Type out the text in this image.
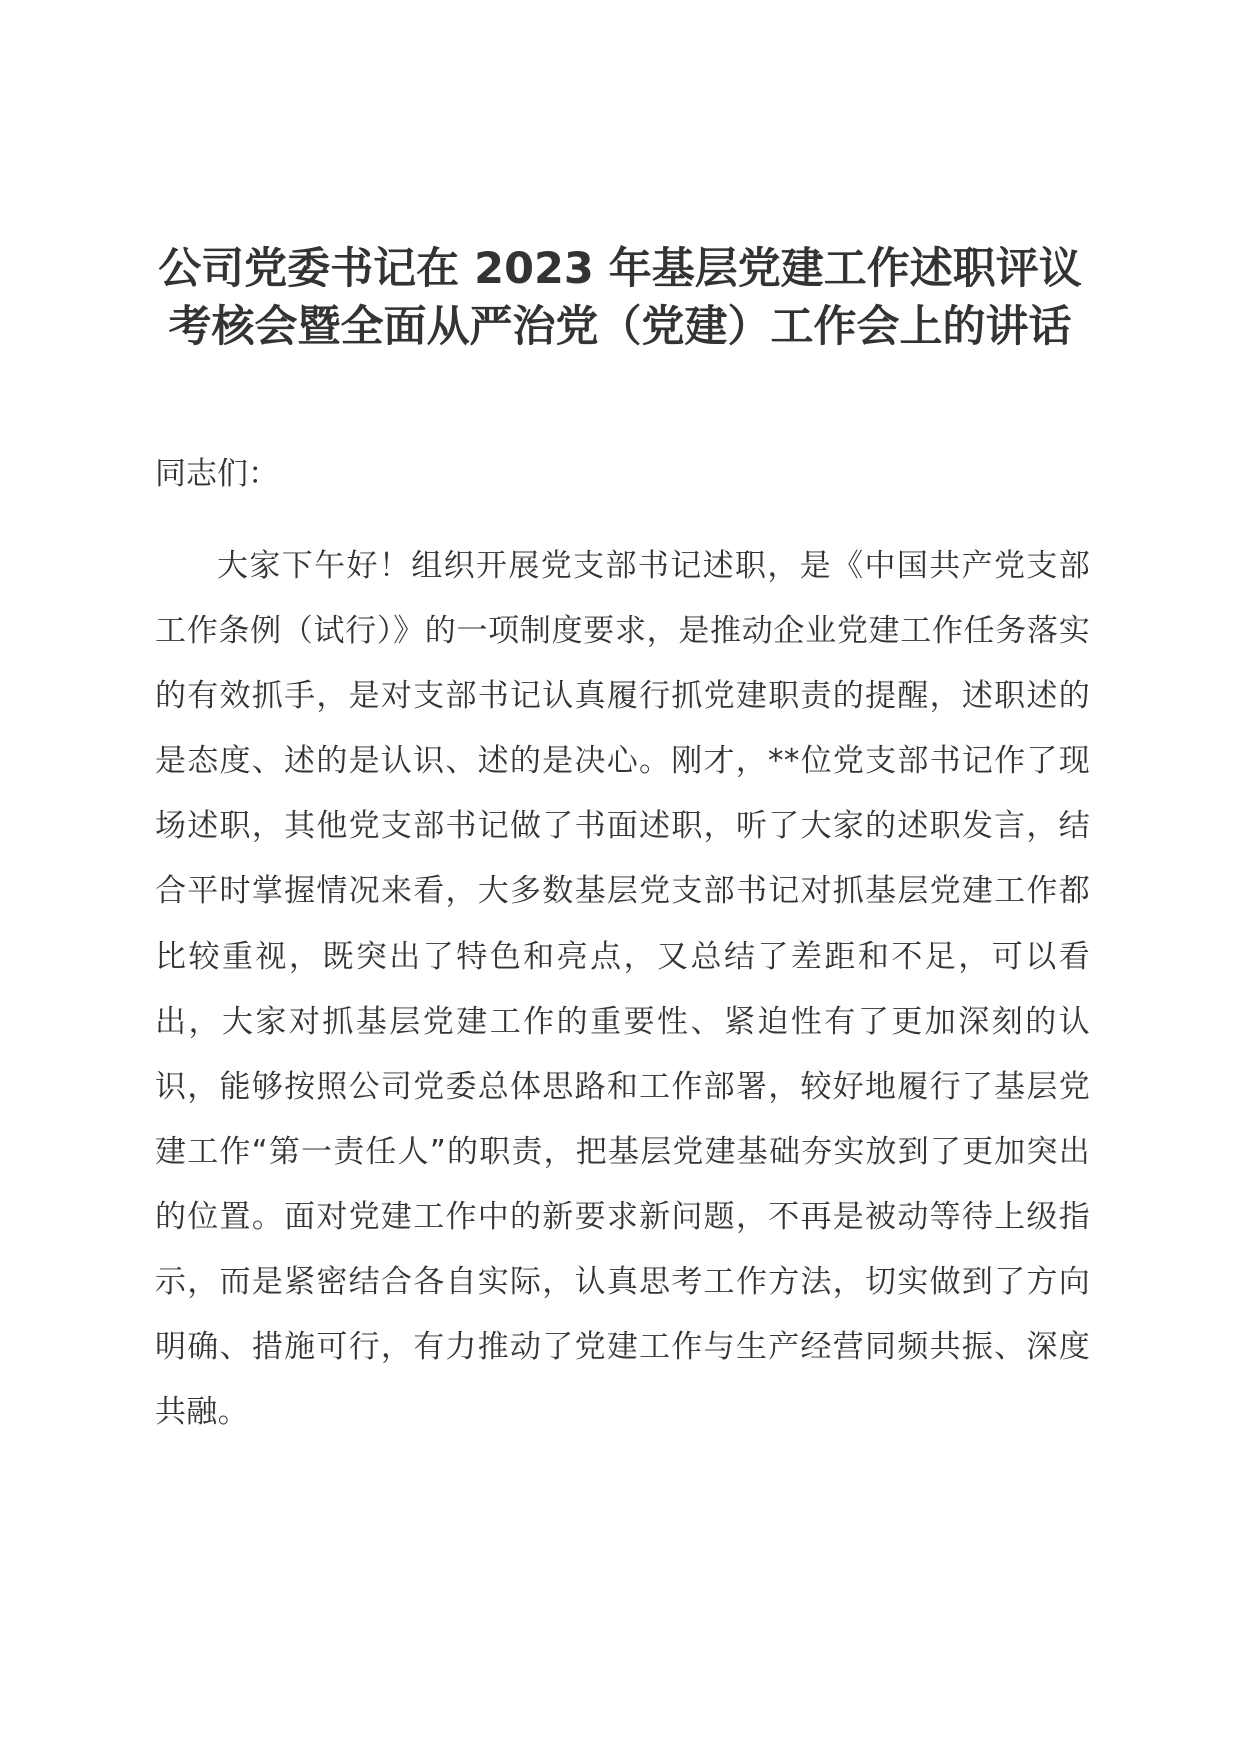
公司党委书记在 2023 年基层党建工作述职评议考核会暨全面从严治党（党建）工作会上的讲话

同志们：

大家下午好！组织开展党支部书记述职，是《中国共产党支部工作条例（试行）》的一项制度要求，是推动企业党建工作任务落实的有效抓手，是对支部书记认真履行抓党建职责的提醒，述职述的是态度、述的是认识、述的是决心。刚才，**位党支部书记作了现场述职，其他党支部书记做了书面述职，听了大家的述职发言，结合平时掌握情况来看，大多数基层党支部书记对抓基层党建工作都比较重视，既突出了特色和亮点，又总结了差距和不足，可以看出，大家对抓基层党建工作的重要性、紧迫性有了更加深刻的认识，能够按照公司党委总体思路和工作部署，较好地履行了基层党建工作“第一责任人”的职责，把基层党建基础夯实放到了更加突出的位置。面对党建工作中的新要求新问题，不再是被动等待上级指示，而是紧密结合各自实际，认真思考工作方法，切实做到了方向明确、措施可行，有力推动了党建工作与生产经营同频共振、深度共融。
